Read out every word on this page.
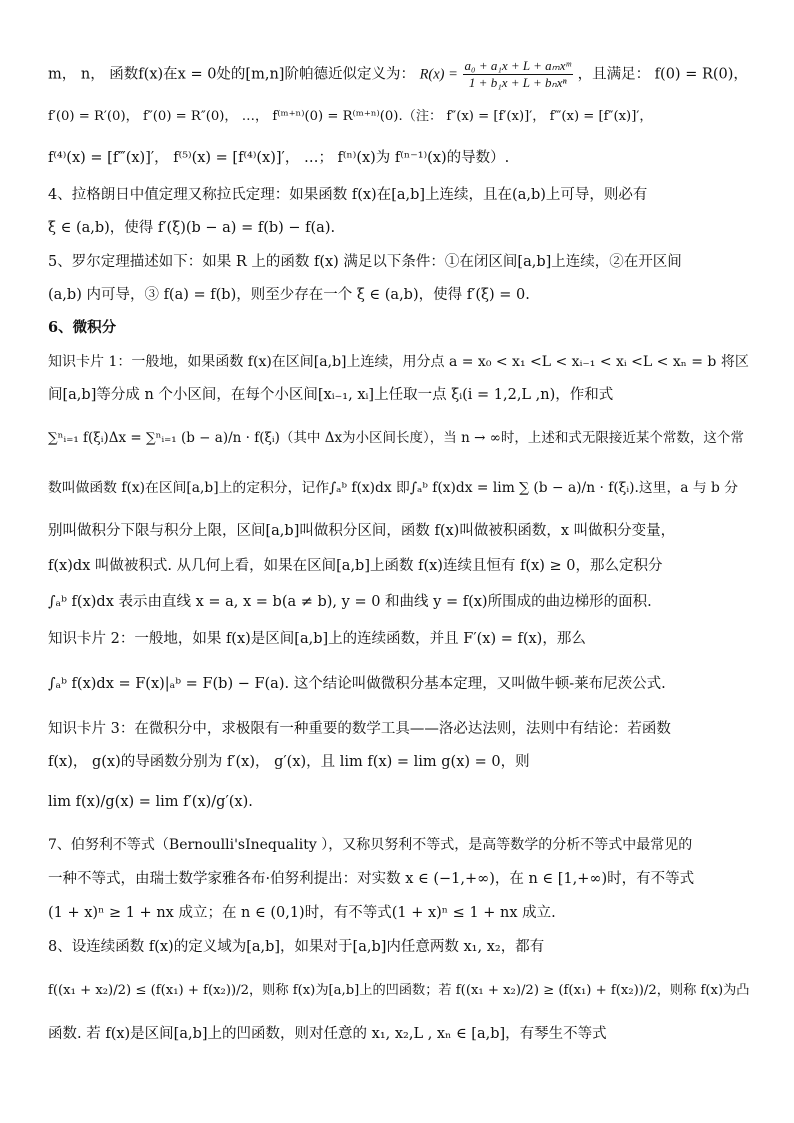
m， n， 函数f(x)在x = 0处的[m,n]阶帕德近似定义为： $R(x) = \frac{\text{a₀ + a₁x + L + aₘxᵐ}}{\text{1 + b₁x + L + bₙxⁿ}}$ ，且满足： f(0) = R(0)，
f′(0) = R′(0)， f″(0) = R″(0)， …， f⁽ᵐ⁺ⁿ⁾(0) = R⁽ᵐ⁺ⁿ⁾(0).（注： f″(x) = [f′(x)]′， f‴(x) = [f″(x)]′，
f⁽⁴⁾(x) = [f‴(x)]′， f⁽⁵⁾(x) = [f⁽⁴⁾(x)]′， …； f⁽ⁿ⁾(x)为 f⁽ⁿ⁻¹⁾(x)的导数）.
4、拉格朗日中值定理又称拉氏定理：如果函数 f(x)在[a,b]上连续，且在(a,b)上可导，则必有
ξ ∈ (a,b)，使得 f′(ξ)(b − a) = f(b) − f(a).
5、罗尔定理描述如下：如果 R 上的函数 f(x) 满足以下条件：①在闭区间[a,b]上连续，②在开区间
(a,b) 内可导，③ f(a) = f(b)，则至少存在一个 ξ ∈ (a,b)，使得 f′(ξ) = 0.
6、微积分
知识卡片 1：一般地，如果函数 f(x)在区间[a,b]上连续，用分点 a = x₀ < x₁ <L < xᵢ₋₁ < xᵢ <L < xₙ = b 将区
间[a,b]等分成 n 个小区间，在每个小区间[xᵢ₋₁, xᵢ]上任取一点 ξᵢ(i = 1,2,L ,n)，作和式
∑ⁿᵢ₌₁ f(ξᵢ)Δx = ∑ⁿᵢ₌₁ (b − a)/n · f(ξᵢ)（其中 Δx为小区间长度），当 n → ∞时，上述和式无限接近某个常数，这个常
数叫做函数 f(x)在区间[a,b]上的定积分，记作∫ₐᵇ f(x)dx 即∫ₐᵇ f(x)dx = lim ∑ (b − a)/n · f(ξᵢ).这里，a 与 b 分
别叫做积分下限与积分上限，区间[a,b]叫做积分区间，函数 f(x)叫做被积函数，x 叫做积分变量，
f(x)dx 叫做被积式. 从几何上看，如果在区间[a,b]上函数 f(x)连续且恒有 f(x) ≥ 0，那么定积分
∫ₐᵇ f(x)dx 表示由直线 x = a, x = b(a ≠ b), y = 0 和曲线 y = f(x)所围成的曲边梯形的面积.
知识卡片 2：一般地，如果 f(x)是区间[a,b]上的连续函数，并且 F′(x) = f(x)，那么
∫ₐᵇ f(x)dx = F(x)|ₐᵇ = F(b) − F(a). 这个结论叫做微积分基本定理，又叫做牛顿-莱布尼茨公式.
知识卡片 3：在微积分中，求极限有一种重要的数学工具——洛必达法则，法则中有结论：若函数
f(x)， g(x)的导函数分别为 f′(x)， g′(x)，且 lim f(x) = lim g(x) = 0，则
lim f(x)/g(x) = lim f′(x)/g′(x).
7、伯努利不等式（Bernoulli'sInequality ），又称贝努利不等式，是高等数学的分析不等式中最常见的
一种不等式，由瑞士数学家雅各布·伯努利提出：对实数 x ∈ (−1,+∞)，在 n ∈ [1,+∞)时，有不等式
(1 + x)ⁿ ≥ 1 + nx 成立；在 n ∈ (0,1)时，有不等式(1 + x)ⁿ ≤ 1 + nx 成立.
8、设连续函数 f(x)的定义域为[a,b]，如果对于[a,b]内任意两数 x₁, x₂，都有
f((x₁ + x₂)/2) ≤ (f(x₁) + f(x₂))/2，则称 f(x)为[a,b]上的凹函数；若 f((x₁ + x₂)/2) ≥ (f(x₁) + f(x₂))/2，则称 f(x)为凸
函数. 若 f(x)是区间[a,b]上的凹函数，则对任意的 x₁, x₂,L , xₙ ∈ [a,b]，有琴生不等式
